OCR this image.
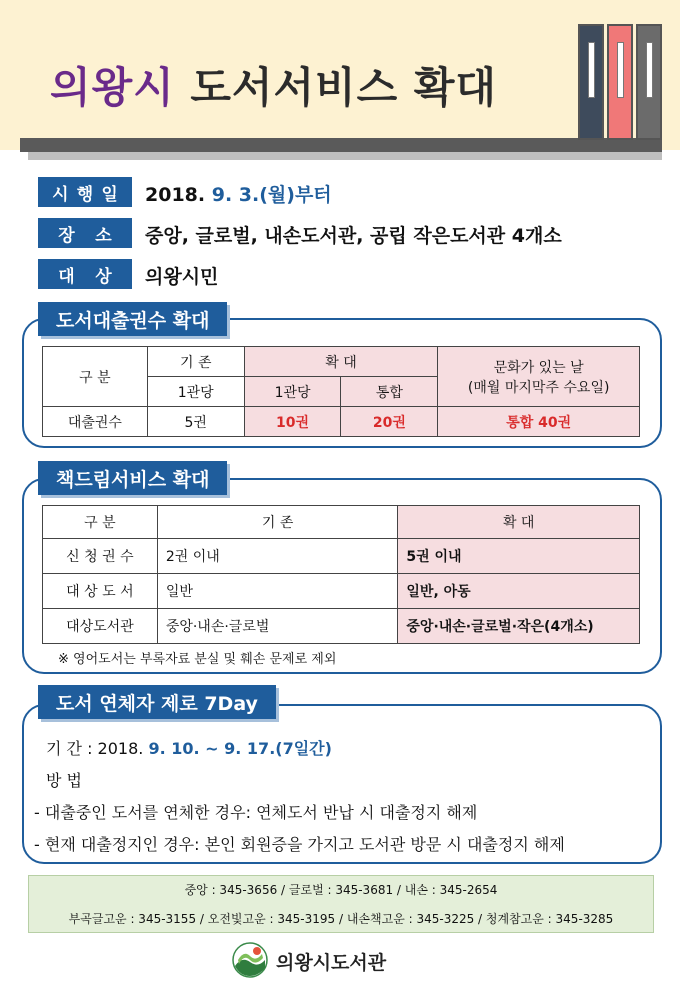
의왕시 도서서비스 확대
시 행 일 2018. 9. 3.(월)부터
장 소 중앙, 글로벌, 내손도서관, 공립 작은도서관 4개소
대 상 의왕시민
도서대출권수 확대
구 분	기 존	확 대		문화가 있는 날
(매월 마지막주 수요일)

	1관당	1관당	통합	
대출권수	5권	10권	20권	통합 40권
책드림서비스 확대
구 분	기 존	확 대
신 청 권 수	2권 이내	5권 이내
대 상 도 서	일반	일반, 아동
대상도서관	중앙·내손·글로벌	중앙·내손·글로벌·작은(4개소)
※ 영어도서는 부록자료 분실 및 훼손 문제로 제외
도서 연체자 제로 7Day
기 간 : 2018. 9. 10. ~ 9. 17.(7일간)
방 법
- 대출중인 도서를 연체한 경우: 연체도서 반납 시 대출정지 해제
- 현재 대출정지인 경우: 본인 회원증을 가지고 도서관 방문 시 대출정지 해제
중앙 : 345-3656 / 글로벌 : 345-3681 / 내손 : 345-2654
부곡글고운 : 345-3155 / 오전빛고운 : 345-3195 / 내손책고운 : 345-3225 / 청계참고운 : 345-3285
의왕시도서관
